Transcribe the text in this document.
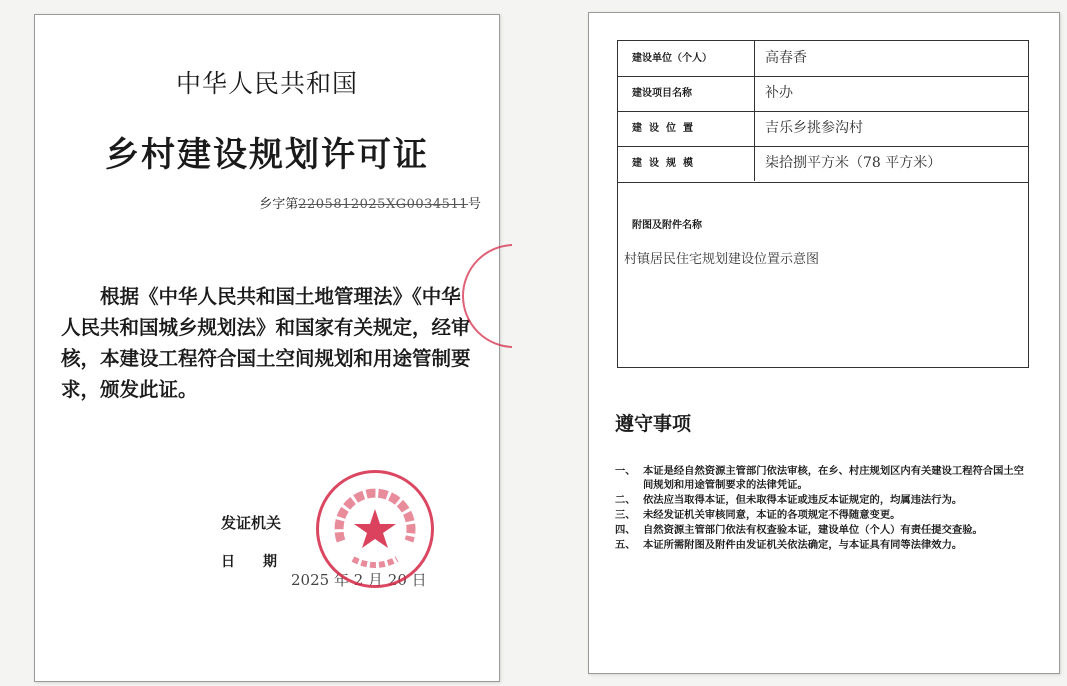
中华人民共和国
乡村建设规划许可证
乡字第2205812025XG0034511号
根据《中华人民共和国土地管理法》《中华人民共和国城乡规划法》和国家有关规定，经审核，本建设工程符合国土空间规划和用途管制要求，颁发此证。
发证机关
日期
2025 年 2 月 20 日
建设单位（个人）	高春香
建设项目名称	补办
建设位置	吉乐乡挑参沟村
建设规模	柒拾捌平方米（78 平方米）
附图及附件名称
村镇居民住宅规划建设位置示意图
遵守事项
一、 本证是经自然资源主管部门依法审核，在乡、村庄规划区内有关建设工程符合国土空间规划和用途管制要求的法律凭证。
二、 依法应当取得本证，但未取得本证或违反本证规定的，均属违法行为。
三、 未经发证机关审核同意，本证的各项规定不得随意变更。
四、 自然资源主管部门依法有权查验本证，建设单位（个人）有责任提交查验。
五、 本证所需附图及附件由发证机关依法确定，与本证具有同等法律效力。
